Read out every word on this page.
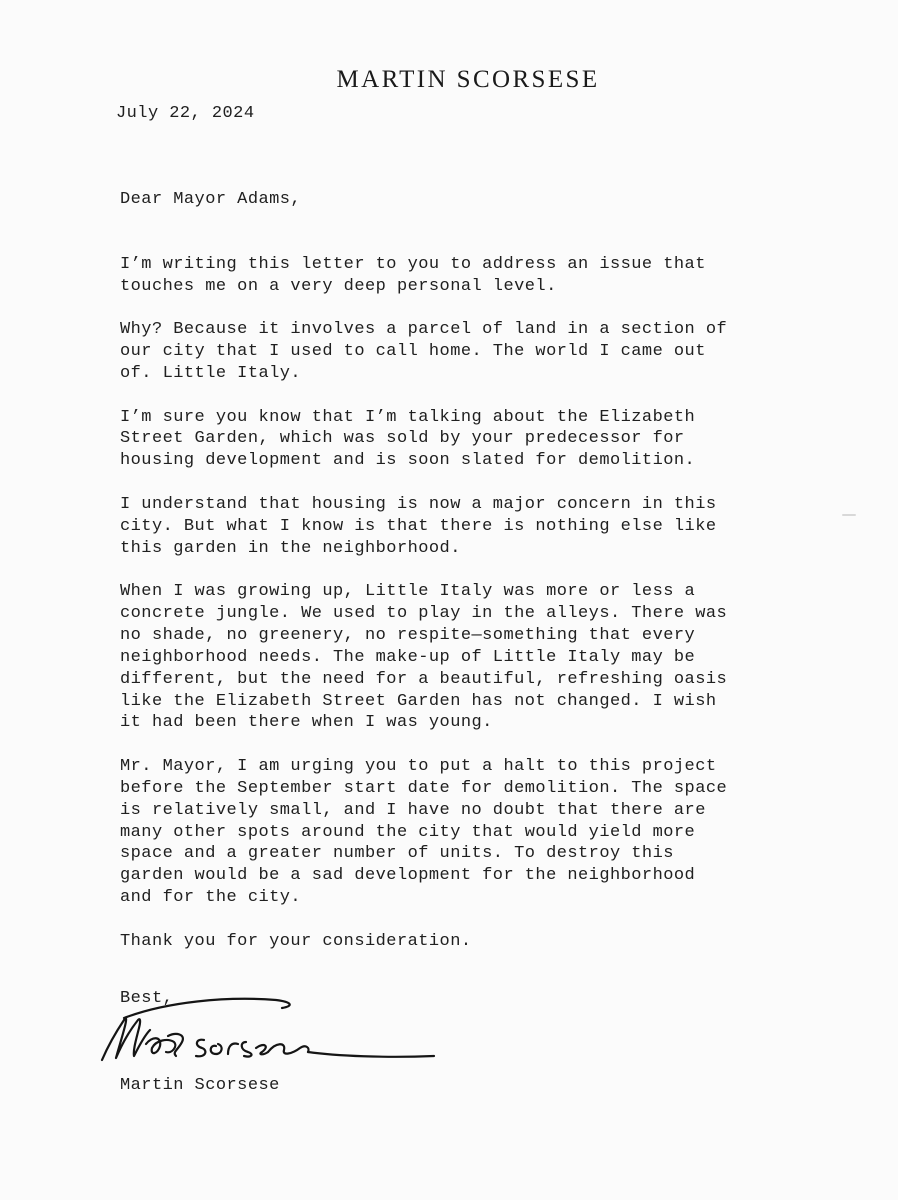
MARTIN SCORSESE
July 22, 2024
Dear Mayor Adams,
I’m writing this letter to you to address an issue that
touches me on a very deep personal level.
Why? Because it involves a parcel of land in a section of
our city that I used to call home. The world I came out
of. Little Italy.
I’m sure you know that I’m talking about the Elizabeth
Street Garden, which was sold by your predecessor for
housing development and is soon slated for demolition.
I understand that housing is now a major concern in this
city. But what I know is that there is nothing else like
this garden in the neighborhood.
When I was growing up, Little Italy was more or less a
concrete jungle. We used to play in the alleys. There was
no shade, no greenery, no respite—something that every
neighborhood needs. The make-up of Little Italy may be
different, but the need for a beautiful, refreshing oasis
like the Elizabeth Street Garden has not changed. I wish
it had been there when I was young.
Mr. Mayor, I am urging you to put a halt to this project
before the September start date for demolition. The space
is relatively small, and I have no doubt that there are
many other spots around the city that would yield more
space and a greater number of units. To destroy this
garden would be a sad development for the neighborhood
and for the city.
Thank you for your consideration.
Best,
Martin Scorsese
